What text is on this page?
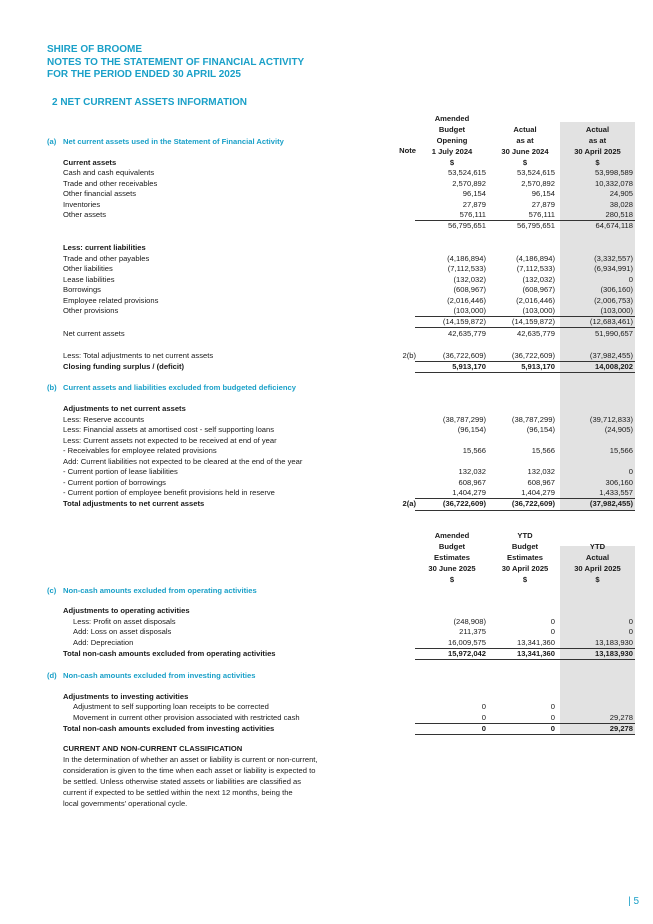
SHIRE OF BROOME
NOTES TO THE STATEMENT OF FINANCIAL ACTIVITY
FOR THE PERIOD ENDED 30 APRIL 2025
2 NET CURRENT ASSETS INFORMATION
Amended
Budget
Opening
1 July 2024
$
Actual
as at
30 June 2024
$
Actual
as at
30 April 2025
$
Note
(a) Net current assets used in the Statement of Financial Activity
Current assets
Cash and cash equivalents	53,524,615	53,524,615	53,998,589
Trade and other receivables	2,570,892	2,570,892	10,332,078
Other financial assets	96,154	96,154	24,905
Inventories	27,879	27,879	38,028
Other assets	576,111	576,111	280,518
56,795,651	56,795,651	64,674,118
Less: current liabilities
Trade and other payables	(4,186,894)	(4,186,894)	(3,332,557)
Other liabilities	(7,112,533)	(7,112,533)	(6,934,991)
Lease liabilities	(132,032)	(132,032)	0
Borrowings	(608,967)	(608,967)	(306,160)
Employee related provisions	(2,016,446)	(2,016,446)	(2,006,753)
Other provisions	(103,000)	(103,000)	(103,000)
(14,159,872)	(14,159,872)	(12,683,461)
Net current assets	42,635,779	42,635,779	51,990,657
Less: Total adjustments to net current assets	2(b)	(36,722,609)	(36,722,609)	(37,982,455)
Closing funding surplus / (deficit)	5,913,170	5,913,170	14,008,202
(b) Current assets and liabilities excluded from budgeted deficiency
Adjustments to net current assets
Less: Reserve accounts	(38,787,299)	(38,787,299)	(39,712,833)
Less: Financial assets at amortised cost - self supporting loans	(96,154)	(96,154)	(24,905)
Less: Current assets not expected to be received at end of year
- Receivables for employee related provisions	15,566	15,566	15,566
Add: Current liabilities not expected to be cleared at the end of the year
- Current portion of lease liabilities	132,032	132,032	0
- Current portion of borrowings	608,967	608,967	306,160
- Current portion of employee benefit provisions held in reserve	1,404,279	1,404,279	1,433,557
Total adjustments to net current assets	2(a)	(36,722,609)	(36,722,609)	(37,982,455)
Amended
Budget
Estimates
30 June 2025
$
YTD
Budget
Estimates
30 April 2025
$
YTD
Actual
30 April 2025
$
(c) Non-cash amounts excluded from operating activities
Adjustments to operating activities
Less: Profit on asset disposals	(248,908)	0	0
Add: Loss on asset disposals	211,375	0	0
Add: Depreciation	16,009,575	13,341,360	13,183,930
Total non-cash amounts excluded from operating activities	15,972,042	13,341,360	13,183,930
(d) Non-cash amounts excluded from investing activities
Adjustments to investing activities
Adjustment to self supporting loan receipts to be corrected	0	0
Movement in current other provision associated with restricted cash	0	0	29,278
Total non-cash amounts excluded from investing activities	0	0	29,278
CURRENT AND NON-CURRENT CLASSIFICATION
In the determination of whether an asset or liability is current or non-current,
consideration is given to the time when each asset or liability is expected to
be settled. Unless otherwise stated assets or liabilities are classified as
current if expected to be settled within the next 12 months, being the
local governments' operational cycle.
| 5
